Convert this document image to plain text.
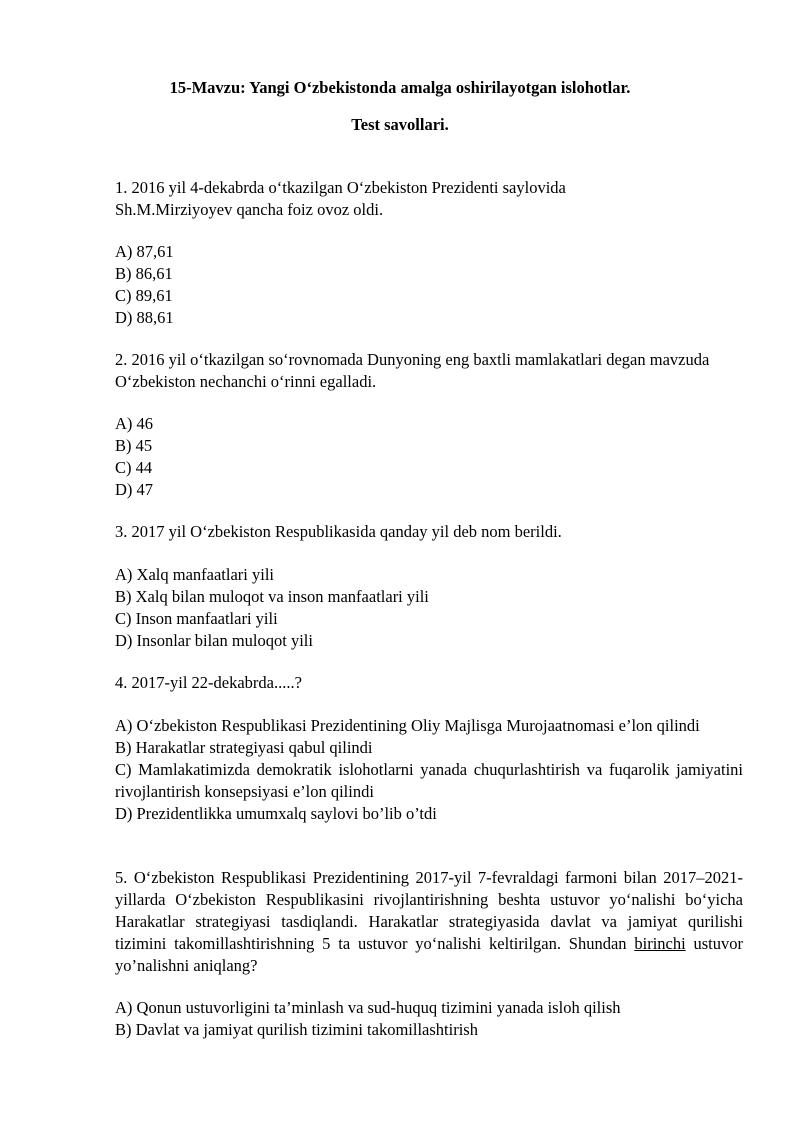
15-Mavzu: Yangi O‘zbekistonda amalga oshirilayotgan islohotlar.

Test savollari.

1. 2016 yil 4-dekabrda o‘tkazilgan O‘zbekiston Prezidenti saylovida Sh.M.Mirziyoyev qancha foiz ovoz oldi.

A) 87,61

B) 86,61

C) 89,61

D) 88,61

2. 2016 yil o‘tkazilgan so‘rovnomada Dunyoning eng baxtli mamlakatlari degan mavzuda O‘zbekiston nechanchi o‘rinni egalladi.

A) 46

B) 45

C) 44

D) 47

3. 2017 yil O‘zbekiston Respublikasida qanday yil deb nom berildi.

A) Xalq manfaatlari yili

B) Xalq bilan muloqot va inson manfaatlari yili

C) Inson manfaatlari yili

D) Insonlar bilan muloqot yili

4. 2017-yil 22-dekabrda.....?

A) O‘zbekiston Respublikasi Prezidentining Oliy Majlisga Murojaatnomasi e’lon qilindi

B) Harakatlar strategiyasi qabul qilindi

C) Mamlakatimizda demokratik islohotlarni yanada chuqurlashtirish va fuqarolik jamiyatini rivojlantirish konsepsiyasi e’lon qilindi

D) Prezidentlikka umumxalq saylovi bo’lib o’tdi

5. O‘zbekiston Respublikasi Prezidentining 2017-yil 7-fevraldagi farmoni bilan 2017–2021-yillarda O‘zbekiston Respublikasini rivojlantirishning beshta ustuvor yo‘nalishi bo‘yicha Harakatlar strategiyasi tasdiqlandi. Harakatlar strategiyasida davlat va jamiyat qurilishi tizimini takomillashtirishning 5 ta ustuvor yo‘nalishi keltirilgan. Shundan birinchi ustuvor yo’nalishni aniqlang?

A) Qonun ustuvorligini ta’minlash va sud-huquq tizimini yanada isloh qilish

B) Davlat va jamiyat qurilish tizimini takomillashtirish
